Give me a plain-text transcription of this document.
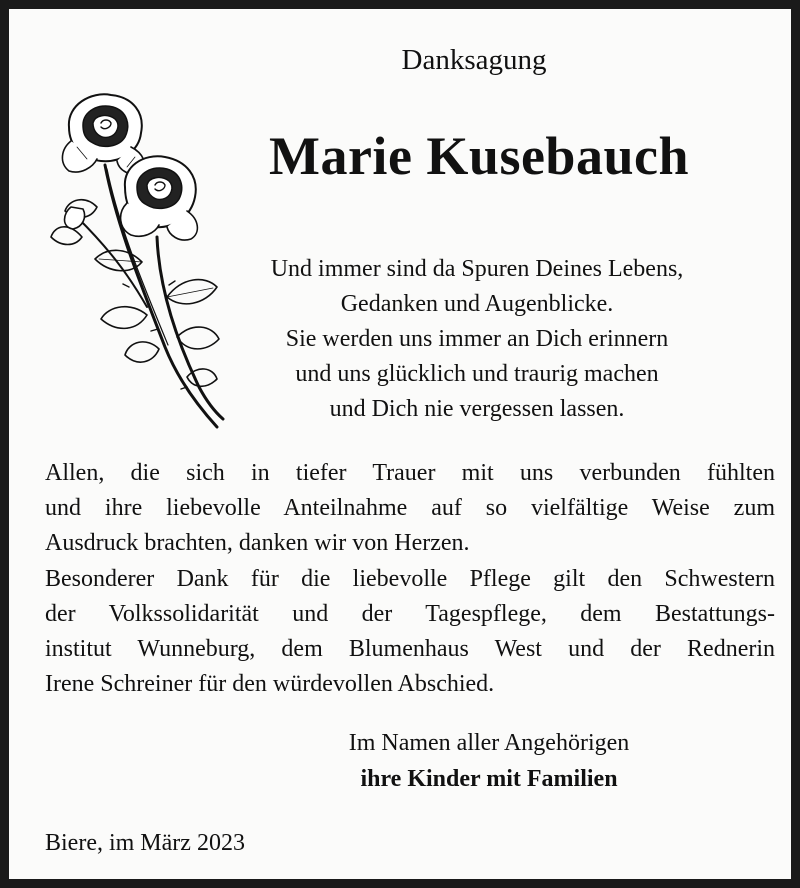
Danksagung
Marie Kusebauch
Und immer sind da Spuren Deines Lebens,
Gedanken und Augenblicke.
Sie werden uns immer an Dich erinnern
und uns glücklich und traurig machen
und Dich nie vergessen lassen.
Allen, die sich in tiefer Trauer mit uns verbunden fühlten
und ihre liebevolle Anteilnahme auf so vielfältige Weise zum
Ausdruck brachten, danken wir von Herzen.
Besonderer Dank für die liebevolle Pflege gilt den Schwestern
der Volkssolidarität und der Tagespflege, dem Bestattungs-
institut Wunneburg, dem Blumenhaus West und der Rednerin
Irene Schreiner für den würdevollen Abschied.
Im Namen aller Angehörigen
ihre Kinder mit Familien
Biere, im März 2023
